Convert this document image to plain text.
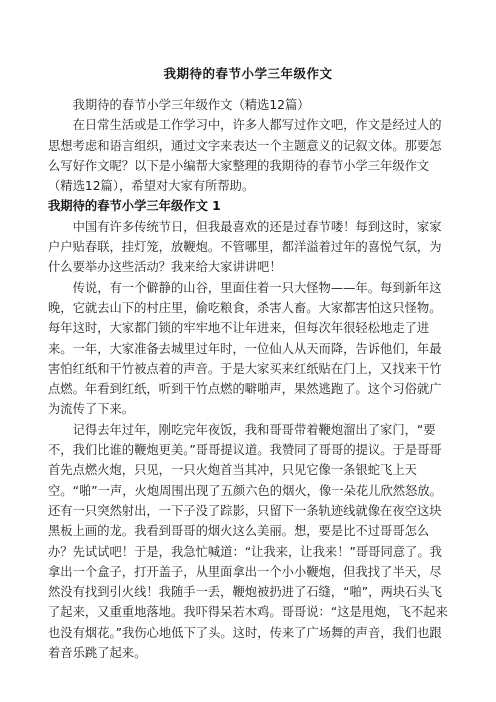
我期待的春节小学三年级作文

我期待的春节小学三年级作文（精选12篇）

在日常生活或是工作学习中，许多人都写过作文吧，作文是经过人的思想考虑和语言组织，通过文字来表达一个主题意义的记叙文体。那要怎么写好作文呢？以下是小编帮大家整理的我期待的春节小学三年级作文（精选12篇），希望对大家有所帮助。

我期待的春节小学三年级作文 1

中国有许多传统节日，但我最喜欢的还是过春节喽！每到这时，家家户户贴春联，挂灯笼，放鞭炮。不管哪里，都洋溢着过年的喜悦气氛，为什么要举办这些活动？我来给大家讲讲吧！

传说，有一个僻静的山谷，里面住着一只大怪物——年。每到新年这晚，它就去山下的村庄里，偷吃粮食，杀害人畜。大家都害怕这只怪物。每年这时，大家都门锁的牢牢地不让年进来，但每次年很轻松地走了进来。一年，大家准备去城里过年时，一位仙人从天而降，告诉他们，年最害怕红纸和干竹被点着的声音。于是大家买来红纸贴在门上，又找来干竹点燃。年看到红纸，听到干竹点燃的噼啪声，果然逃跑了。这个习俗就广为流传了下来。

记得去年过年，刚吃完年夜饭，我和哥哥带着鞭炮溜出了家门，“要不，我们比谁的鞭炮更美。”哥哥提议道。我赞同了哥哥的提议。于是哥哥首先点燃火炮，只见，一只火炮首当其冲，只见它像一条银蛇飞上天空。“啪”一声，火炮周围出现了五颜六色的烟火，像一朵花儿欣然怒放。还有一只突然射出，一下子没了踪影，只留下一条轨迹线就像在夜空这块黑板上画的龙。我看到哥哥的烟火这么美丽。想，要是比不过哥哥怎么办？先试试吧！于是，我急忙喊道：“让我来，让我来！”哥哥同意了。我拿出一个盒子，打开盖子，从里面拿出一个小小鞭炮，但我找了半天，尽然没有找到引火线！我随手一丢，鞭炮被扔进了石缝，“啪”，两块石头飞了起来，又重重地落地。我吓得呆若木鸡。哥哥说：“这是甩炮，飞不起来也没有烟花。”我伤心地低下了头。这时，传来了广场舞的声音，我们也跟着音乐跳了起来。
